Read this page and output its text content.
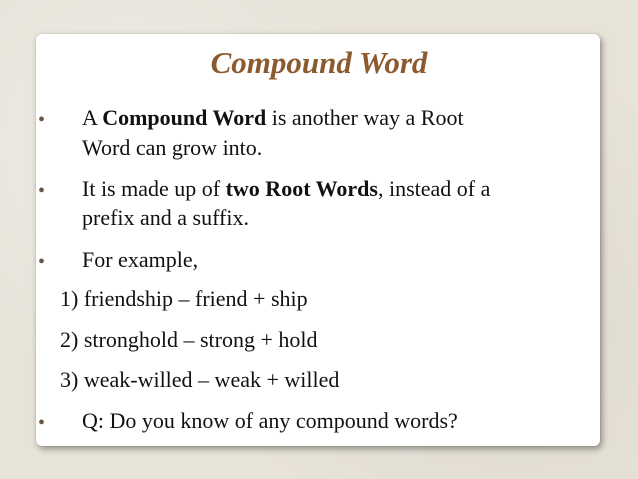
Compound Word
• A Compound Word is another way a Root
Word can grow into.
• It is made up of two Root Words, instead of a
prefix and a suffix.
• For example,
1) friendship – friend + ship
2) stronghold – strong + hold
3) weak-willed – weak + willed
• Q: Do you know of any compound words?
